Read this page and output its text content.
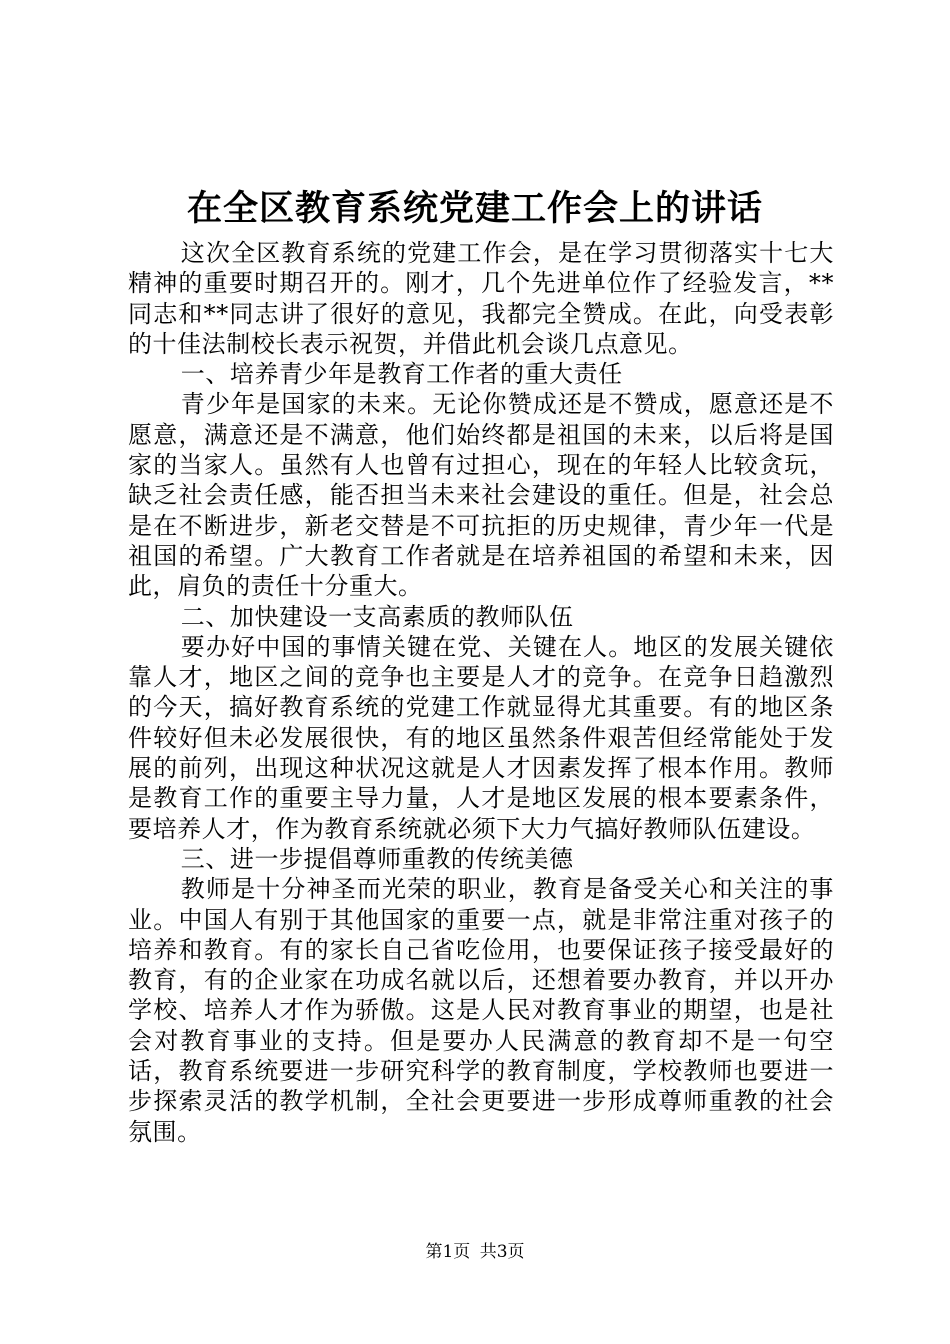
在全区教育系统党建工作会上的讲话

这次全区教育系统的党建工作会，是在学习贯彻落实十七大精神的重要时期召开的。刚才，几个先进单位作了经验发言，**同志和**同志讲了很好的意见，我都完全赞成。在此，向受表彰的十佳法制校长表示祝贺，并借此机会谈几点意见。

一、培养青少年是教育工作者的重大责任

青少年是国家的未来。无论你赞成还是不赞成，愿意还是不愿意，满意还是不满意，他们始终都是祖国的未来，以后将是国家的当家人。虽然有人也曾有过担心，现在的年轻人比较贪玩，缺乏社会责任感，能否担当未来社会建设的重任。但是，社会总是在不断进步，新老交替是不可抗拒的历史规律，青少年一代是祖国的希望。广大教育工作者就是在培养祖国的希望和未来，因此，肩负的责任十分重大。

二、加快建设一支高素质的教师队伍

要办好中国的事情关键在党、关键在人。地区的发展关键依靠人才，地区之间的竞争也主要是人才的竞争。在竞争日趋激烈的今天，搞好教育系统的党建工作就显得尤其重要。有的地区条件较好但未必发展很快，有的地区虽然条件艰苦但经常能处于发展的前列，出现这种状况这就是人才因素发挥了根本作用。教师是教育工作的重要主导力量，人才是地区发展的根本要素条件，要培养人才，作为教育系统就必须下大力气搞好教师队伍建设。

三、进一步提倡尊师重教的传统美德

教师是十分神圣而光荣的职业，教育是备受关心和关注的事业。中国人有别于其他国家的重要一点，就是非常注重对孩子的培养和教育。有的家长自己省吃俭用，也要保证孩子接受最好的教育，有的企业家在功成名就以后，还想着要办教育，并以开办学校、培养人才作为骄傲。这是人民对教育事业的期望，也是社会对教育事业的支持。但是要办人民满意的教育却不是一句空话，教育系统要进一步研究科学的教育制度，学校教师也要进一步探索灵活的教学机制，全社会更要进一步形成尊师重教的社会氛围。

第1页 共3页
